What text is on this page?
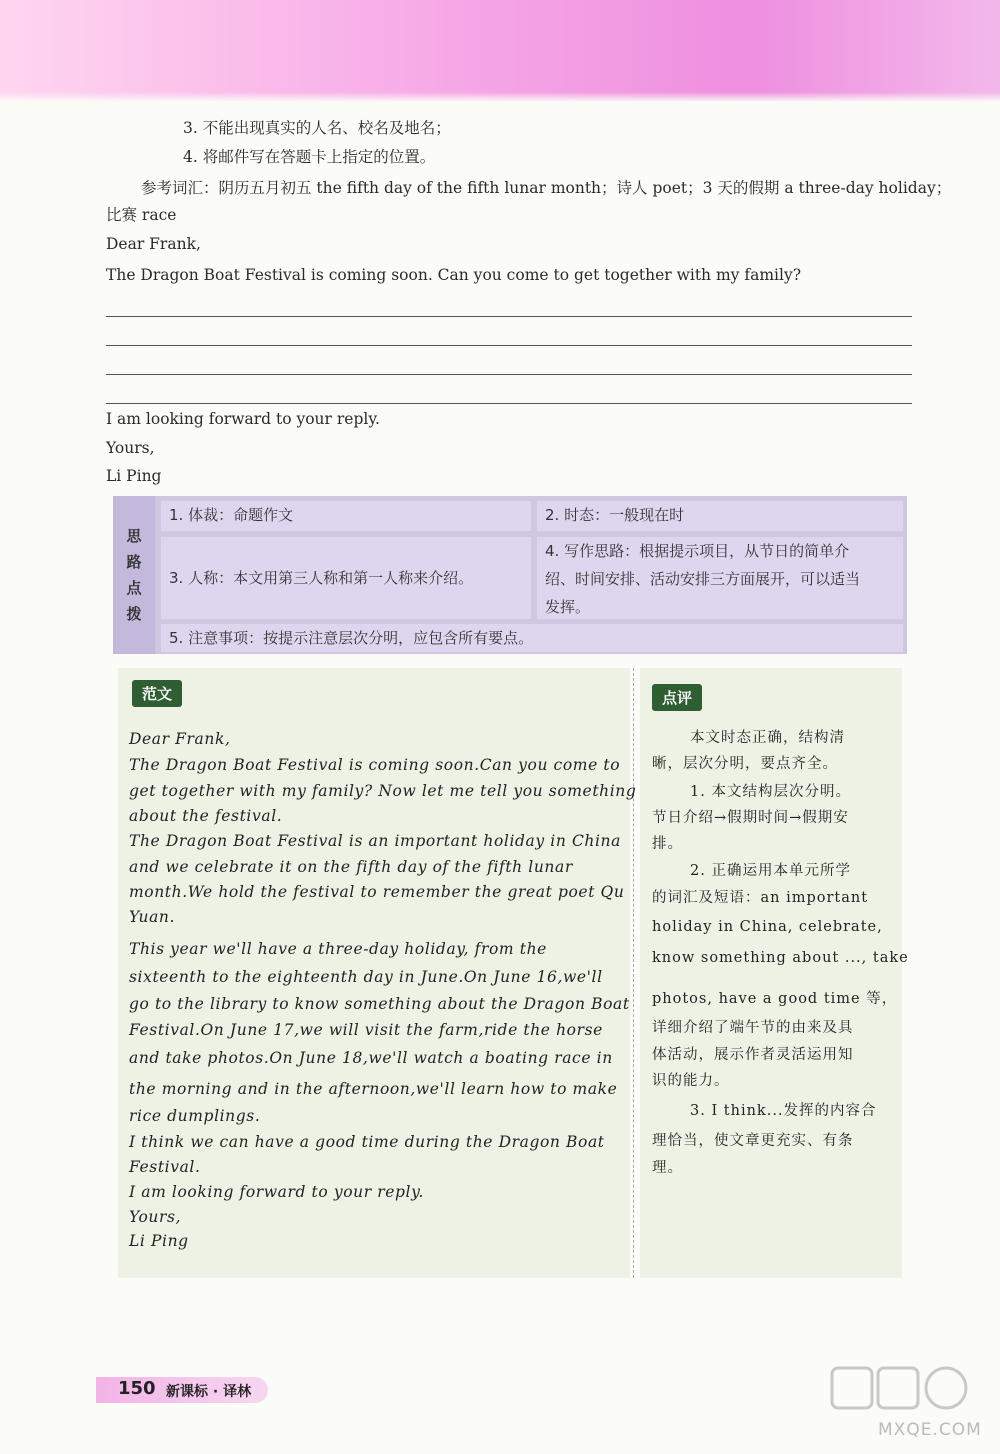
3. 不能出现真实的人名、校名及地名；
4. 将邮件写在答题卡上指定的位置。
参考词汇：阴历五月初五 the fifth day of the fifth lunar month；诗人 poet；3 天的假期 a three-day holiday；
比赛 race
Dear Frank,
The Dragon Boat Festival is coming soon. Can you come to get together with my family?
I am looking forward to your reply.
Yours,
Li Ping
思
路
点
拨
1. 体裁：命题作文	2. 时态：一般现在时
3. 人称：本文用第三人称和第一人称来介绍。
4. 写作思路：根据提示项目，从节日的简单介
绍、时间安排、活动安排三方面展开，可以适当
发挥。
5. 注意事项：按提示注意层次分明，应包含所有要点。
范文	点评
Dear Frank,
The Dragon Boat Festival is coming soon.Can you come to
get together with my family? Now let me tell you something
about the festival.
The Dragon Boat Festival is an important holiday in China
and we celebrate it on the fifth day of the fifth lunar
month.We hold the festival to remember the great poet Qu
Yuan.
This year we'll have a three-day holiday, from the
sixteenth to the eighteenth day in June.On June 16,we'll
go to the library to know something about the Dragon Boat
Festival.On June 17,we will visit the farm,ride the horse
and take photos.On June 18,we'll watch a boating race in
the morning and in the afternoon,we'll learn how to make
rice dumplings.
I think we can have a good time during the Dragon Boat
Festival.
I am looking forward to your reply.
Yours,
Li Ping
本文时态正确，结构清
晰，层次分明，要点齐全。
1. 本文结构层次分明。
节日介绍→假期时间→假期安
排。
2. 正确运用本单元所学
的词汇及短语：an important
holiday in China, celebrate,
know something about ..., take
photos, have a good time 等，
详细介绍了端午节的由来及具
体活动，展示作者灵活运用知
识的能力。
3. I think...发挥的内容合
理恰当，使文章更充实、有条
理。
150 新课标 · 译林
MXQE.COM
